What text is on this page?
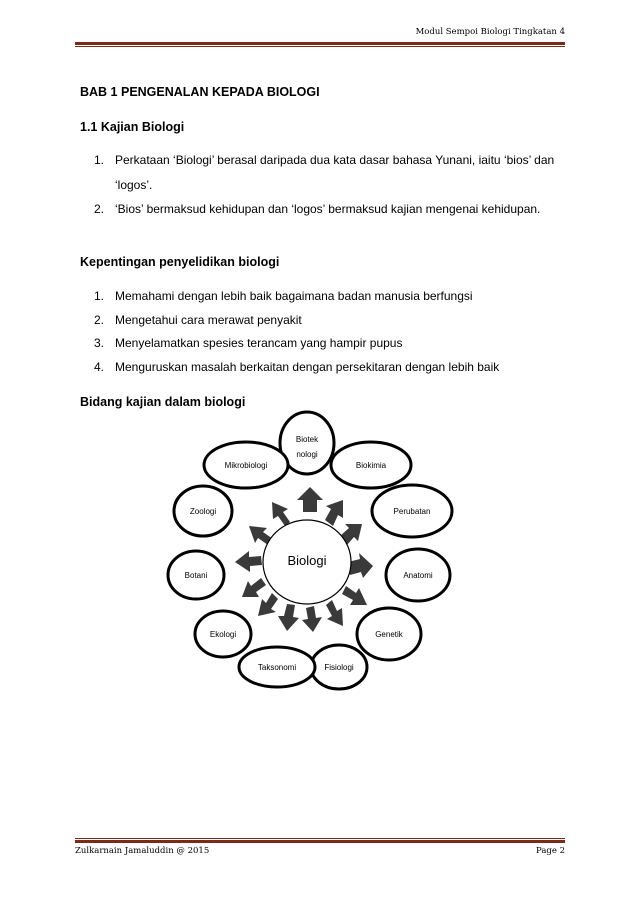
Modul Sempoi Biologi Tingkatan 4
BAB 1 PENGENALAN KEPADA BIOLOGI
1.1 Kajian Biologi
1. Perkataan ‘Biologi’ berasal daripada dua kata dasar bahasa Yunani, iaitu ‘bios’ dan ‘logos’.
2. ‘Bios’ bermaksud kehidupan dan ‘logos’ bermaksud kajian mengenai kehidupan.
Kepentingan penyelidikan biologi
1. Memahami dengan lebih baik bagaimana badan manusia berfungsi
2. Mengetahui cara merawat penyakit
3. Menyelamatkan spesies terancam yang hampir pupus
4. Menguruskan masalah berkaitan dengan persekitaran dengan lebih baik
Bidang kajian dalam biologi
Biologi
Biotek
nologi
Biokimia
Perubatan
Anatomi
Genetik
Fisiologi
Taksonomi
Ekologi
Botani
Zoologi
Mikrobiologi
Zulkarnain Jamaluddin @ 2015	Page 2
